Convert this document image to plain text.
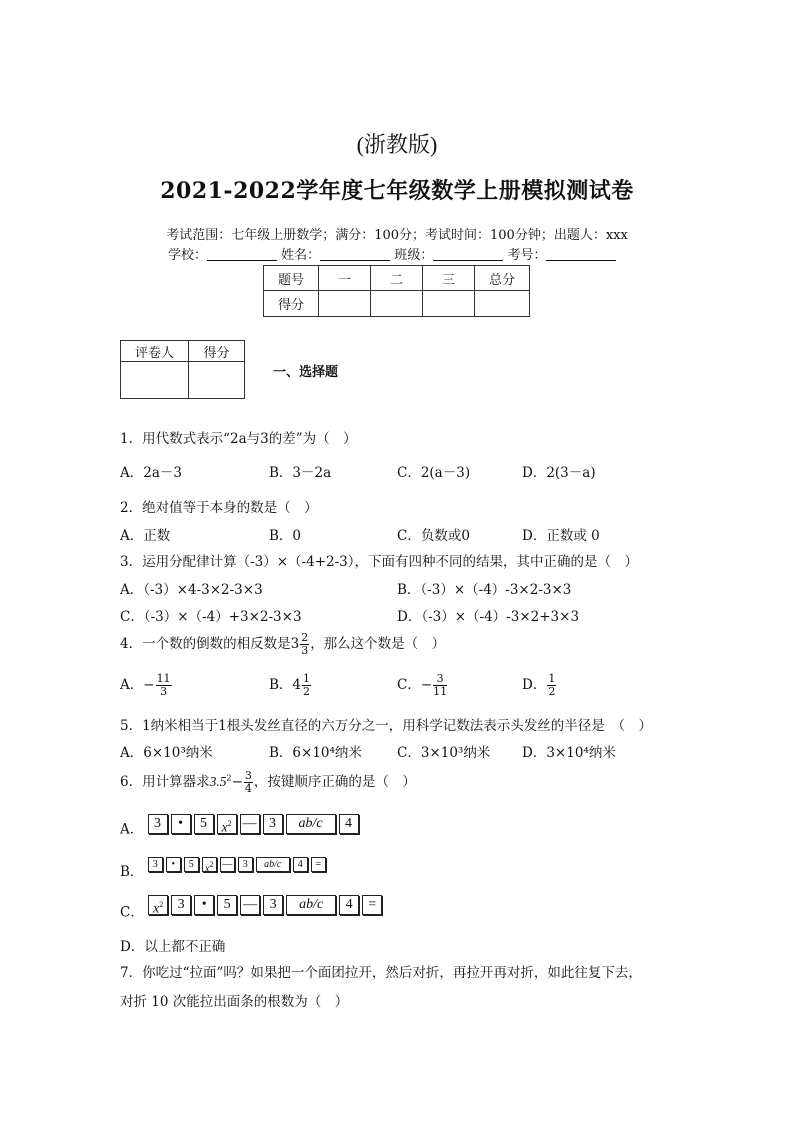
(浙教版)
2021-2022学年度七年级数学上册模拟测试卷
考试范围：七年级上册数学；满分：100分；考试时间：100分钟；出题人：xxx
学校：	姓名：	班级：	考号：
题号	一	二	三	总分
得分				
评卷人	得分

一、选择题
1．用代数式表示“2a与3的差”为（　）
A．2a－3	B．3－2a	C．2(a－3)	D．2(3－a)
2．绝对值等于本身的数是（　）
A．正数	B．0	C．负数或0	D．正数或 0
3．运用分配律计算（-3）×（-4+2-3），下面有四种不同的结果，其中正确的是（　）
A．（-3）×4-3×2-3×3	B．（-3）×（-4）-3×2-3×3
C．（-3）×（-4）+3×2-3×3	D．（-3）×（-4）-3×2+3×3
4．一个数的倒数的相反数是$3 \frac{2}{3}$ ，那么这个数是（　）
A．− $\frac{11}{3}$	B．$4 \frac{1}{2}$	C．− $\frac{3}{11}$	D． $\frac{1}{2}$
5．1纳米相当于1根头发丝直径的六万分之一，用科学记数法表示头发丝的半径是　（　）
A．6×10³纳米	B．6×10⁴纳米	C．3×10³纳米 D．3×10⁴纳米
6．用计算器求$3.5^2- \frac{3}{4}$ ，按键顺序正确的是（　）
A． 3 • 5 $x^2$ — 3 ab/c 4
B． 3 • 5 $x^2$ — 3 ab/c 4 =
C． $x^2$ 3 • 5 — 3 ab/c 4 =
D．以上都不正确
7．你吃过“拉面”吗？如果把一个面团拉开，然后对折，再拉开再对折，如此往复下去，
对折 10 次能拉出面条的根数为（　）
